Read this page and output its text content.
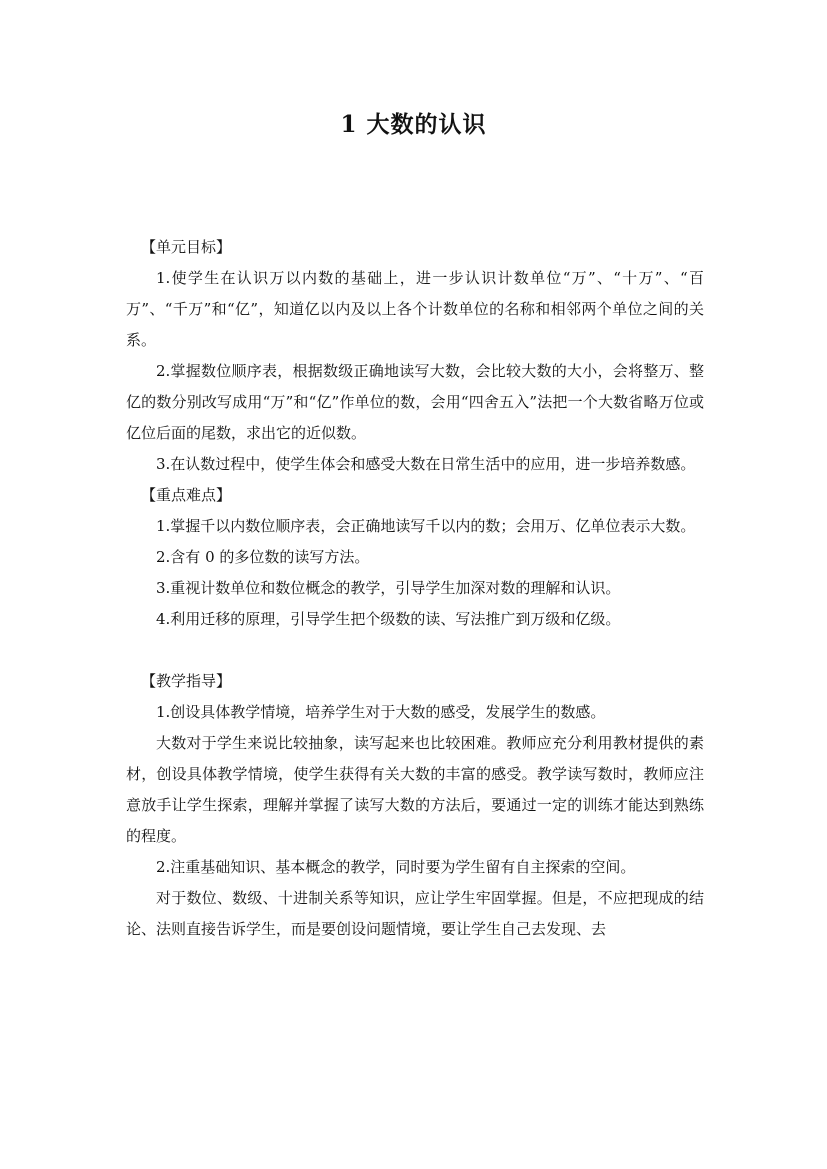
1 大数的认识

【单元目标】

1.使学生在认识万以内数的基础上，进一步认识计数单位“万”、“十万”、“百万”、“千万”和“亿”，知道亿以内及以上各个计数单位的名称和相邻两个单位之间的关系。

2.掌握数位顺序表，根据数级正确地读写大数，会比较大数的大小，会将整万、整亿的数分别改写成用“万”和“亿”作单位的数，会用“四舍五入”法把一个大数省略万位或亿位后面的尾数，求出它的近似数。

3.在认数过程中，使学生体会和感受大数在日常生活中的应用，进一步培养数感。

【重点难点】

1.掌握千以内数位顺序表，会正确地读写千以内的数；会用万、亿单位表示大数。

2.含有 0 的多位数的读写方法。

3.重视计数单位和数位概念的教学，引导学生加深对数的理解和认识。

4.利用迁移的原理，引导学生把个级数的读、写法推广到万级和亿级。

【教学指导】

1.创设具体教学情境，培养学生对于大数的感受，发展学生的数感。

大数对于学生来说比较抽象，读写起来也比较困难。教师应充分利用教材提供的素材，创设具体教学情境，使学生获得有关大数的丰富的感受。教学读写数时，教师应注意放手让学生探索，理解并掌握了读写大数的方法后，要通过一定的训练才能达到熟练的程度。

2.注重基础知识、基本概念的教学，同时要为学生留有自主探索的空间。

对于数位、数级、十进制关系等知识，应让学生牢固掌握。但是，不应把现成的结论、法则直接告诉学生，而是要创设问题情境，要让学生自己去发现、去
